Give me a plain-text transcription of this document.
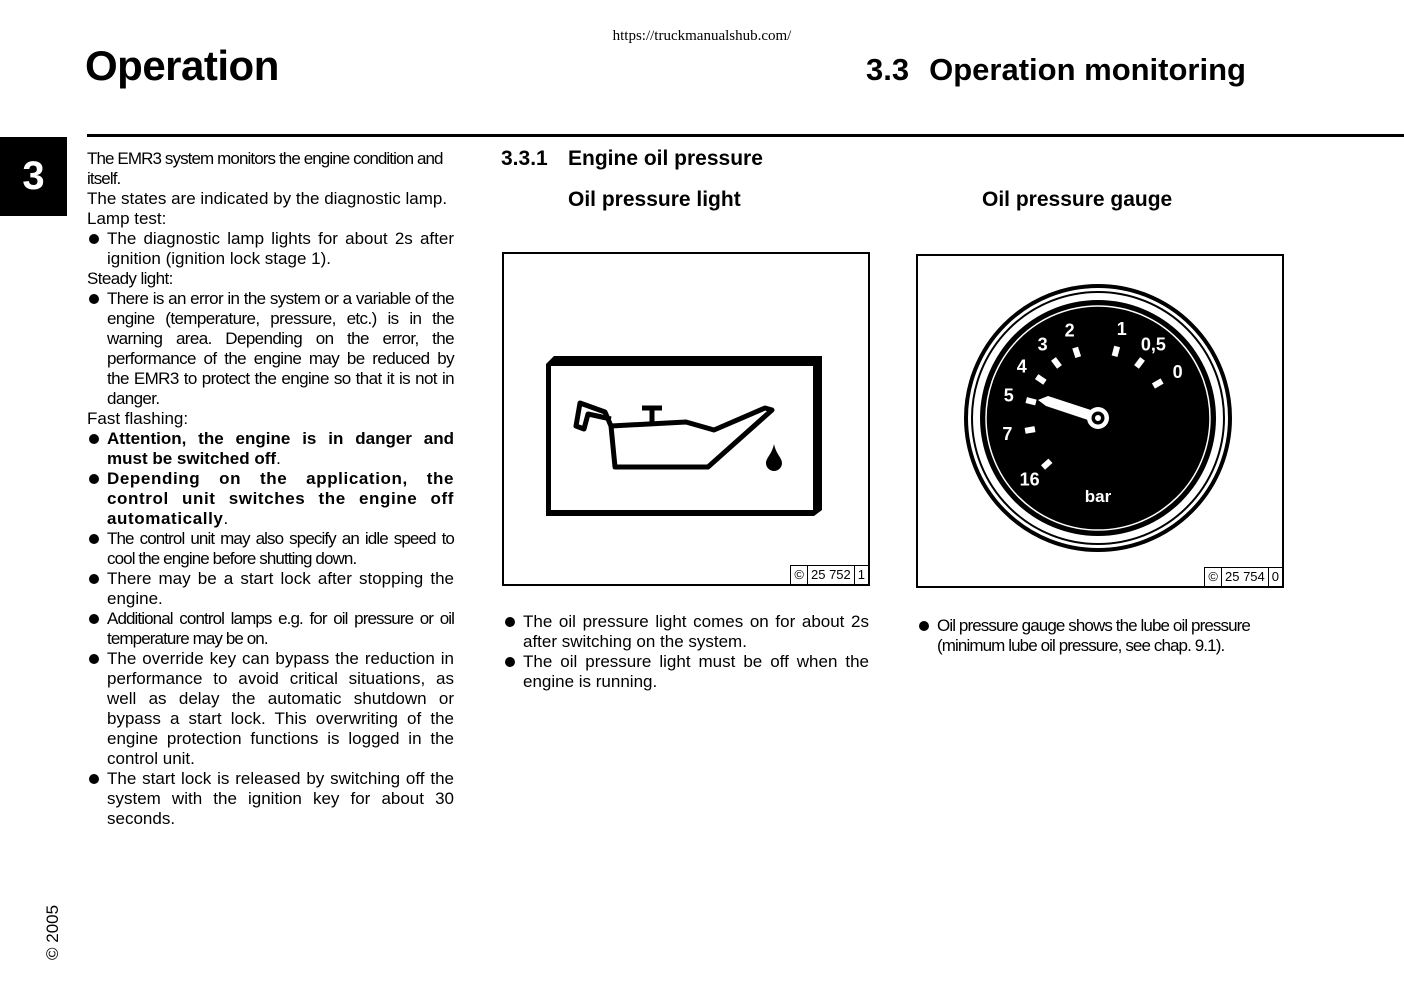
https://truckmanualshub.com/
Operation	3.3 Operation monitoring
3
© 2005

The EMR3 system monitors the engine condition and itself.

The states are indicated by the diagnostic lamp.

Lamp test:

The diagnostic lamp lights for about 2s after ignition (ignition lock stage 1).

Steady light:

There is an error in the system or a variable of the engine (temperature, pressure, etc.) is in the warning area. Depending on the error, the performance of the engine may be reduced by the EMR3 to protect the engine so that it is not in danger.

Fast flashing:

Attention, the engine is in danger and must be switched off.
Depending on the application, the control unit switches the engine off automatically.
The control unit may also specify an idle speed to cool the engine before shutting down.
There may be a start lock after stopping the engine.
Additional control lamps e.g. for oil pressure or oil temperature may be on.
The override key can bypass the reduction in performance to avoid critical situations, as well as delay the automatic shutdown or bypass a start lock. This overwriting of the engine protection functions is logged in the control unit.
The start lock is released by switching off the system with the ignition key for about 30 seconds.
3.3.1 Engine oil pressure
Oil pressure light	Oil pressure gauge
© 25 752 1
0
0,5
1
2
3
4
5
7
16
bar
© 25 754 0
The oil pressure light comes on for about 2s after switching on the system.
The oil pressure light must be off when the engine is running.
Oil pressure gauge shows the lube oil pressure (minimum lube oil pressure, see chap. 9.1).
